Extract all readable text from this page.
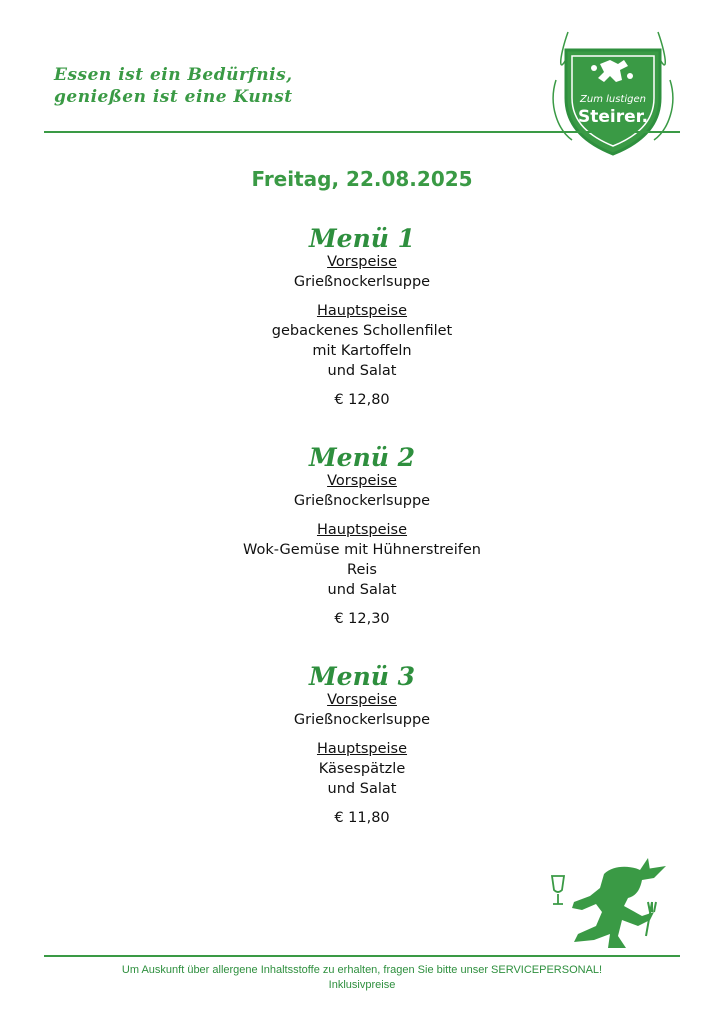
Essen ist ein Bedürfnis,
genießen ist eine Kunst	Zum lustigen
Steirer.
Freitag, 22.08.2025
Menü 1
Vorspeise
Grießnockerlsuppe
Hauptspeise
gebackenes Schollenfilet
mit Kartoffeln
und Salat
€ 12,80
Menü 2
Vorspeise
Grießnockerlsuppe
Hauptspeise
Wok-Gemüse mit Hühnerstreifen
Reis
und Salat
€ 12,30
Menü 3
Vorspeise
Grießnockerlsuppe
Hauptspeise
Käsespätzle
und Salat
€ 11,80
Um Auskunft über allergene Inhaltsstoffe zu erhalten, fragen Sie bitte unser SERVICEPERSONAL!
Inklusivpreise
